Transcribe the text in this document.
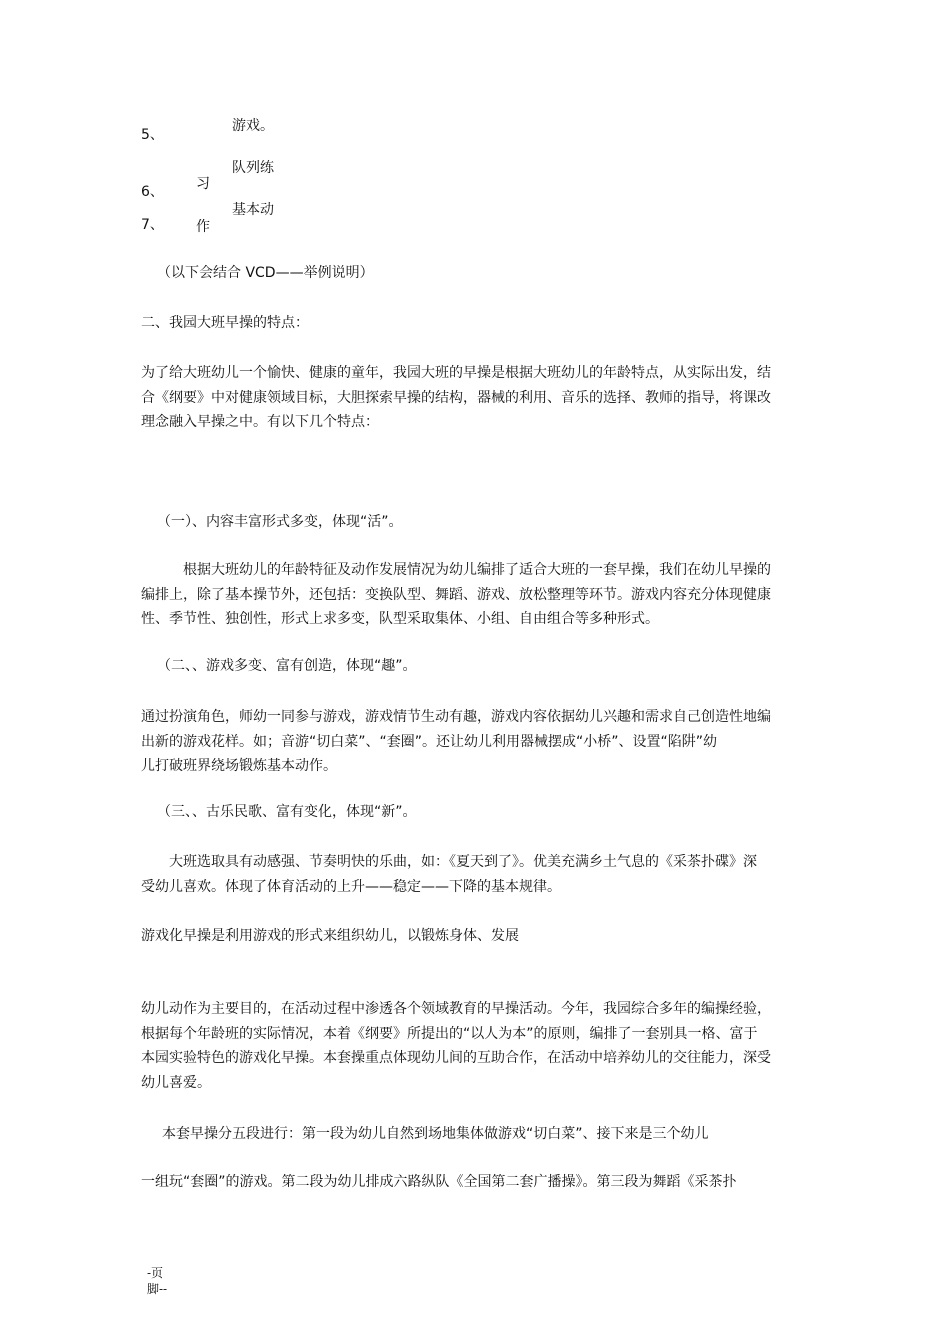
5、
游戏。
队列练
6、 习
基本动
7、 作
（以下会结合 VCD——举例说明）
二、我园大班早操的特点：
为了给大班幼儿一个愉快、健康的童年，我园大班的早操是根据大班幼儿的年龄特点，从实际出发，结
合《纲要》中对健康领域目标，大胆探索早操的结构，器械的利用、音乐的选择、教师的指导，将课改
理念融入早操之中。有以下几个特点：
（一）、内容丰富形式多变，体现“活”。
根据大班幼儿的年龄特征及动作发展情况为幼儿编排了适合大班的一套早操，我们在幼儿早操的
编排上，除了基本操节外，还包括：变换队型、舞蹈、游戏、放松整理等环节。游戏内容充分体现健康
性、季节性、独创性，形式上求多变，队型采取集体、小组、自由组合等多种形式。
（二、、游戏多变、富有创造，体现“趣”。
通过扮演角色，师幼一同参与游戏，游戏情节生动有趣，游戏内容依据幼儿兴趣和需求自己创造性地编
出新的游戏花样。如；音游“切白菜”、“套圈”。还让幼儿利用器械摆成“小桥”、设置“陷阱”幼
儿打破班界绕场锻炼基本动作。
（三、、古乐民歌、富有变化，体现“新”。
大班选取具有动感强、节奏明快的乐曲，如：《夏天到了》。优美充满乡土气息的《采茶扑碟》深
受幼儿喜欢。体现了体育活动的上升——稳定——下降的基本规律。
游戏化早操是利用游戏的形式来组织幼儿，以锻炼身体、发展
幼儿动作为主要目的，在活动过程中渗透各个领域教育的早操活动。今年，我园综合多年的编操经验，
根据每个年龄班的实际情况，本着《纲要》所提出的“以人为本”的原则，编排了一套别具一格、富于
本园实验特色的游戏化早操。本套操重点体现幼儿间的互助合作，在活动中培养幼儿的交往能力，深受
幼儿喜爱。
本套早操分五段进行：第一段为幼儿自然到场地集体做游戏“切白菜”、接下来是三个幼儿
一组玩“套圈”的游戏。第二段为幼儿排成六路纵队《全国第二套广播操》。第三段为舞蹈《采茶扑
-页
脚--
